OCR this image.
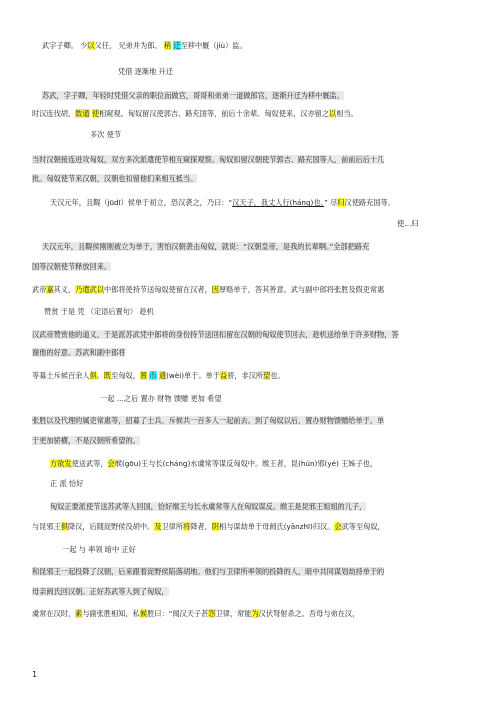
武字子卿。 少以父任， 兄弟并为郎。 稍 迁至移中厩（jiù）监。
凭借 逐渐地 升迁
苏武，字子卿，年轻时凭借父亲的职位而做官，哥哥和弟弟一道做郎官，逐渐升迁为移中厩监。
时汉连伐胡，数通 使相窥观。匈奴留汉使郭吉、路充国等，前后十余辈。匈奴使来，汉亦留之以相当。
多次 使节
当时汉朝接连进攻匈奴，双方多次派遣使节相互窥探观察。匈奴扣留汉朝使节郭吉、路充国等人，前前后后十几
批。匈奴使节来汉朝，汉朝也扣留他们来相互抵当。
天汉元年，且鞮（jūdī）侯单于初立，恐汉袭之，乃曰：“汉天子，我丈人行(háng)也。” 尽归汉使路充国等。
使…归
天汉元年，且鞮侯刚刚被立为单于，害怕汉朝袭击匈奴，就说：“汉朝皇帝，是我的长辈啊。”全部把路充
国等汉朝使节释放回来。
武帝嘉其义，乃遣武以中郎将使持节送匈奴使留在汉者，因厚赂单于，答其善意。武与副中郎将张胜及假吏常惠
赞赏 于是 凭 （定语后置句） 趁机
汉武帝赞赏他的道义，于是派苏武凭中郎将的身份持节送回扣留在汉朝的匈奴使节回去，趁机送给单于许多财物，答
谢他的好意。苏武和副中郎将
等募士斥候百余人俱。既至匈奴，置 币 遗(wèi)单于。单于益骄，非汉所望也。
一起 …之后 置办 财物 馈赠 更加 希望
张胜以及代理的属吏常惠等，招募了士兵、斥候共一百多人一起前去。到了匈奴以后，置办财物馈赠给单于。单
于更加骄横，不是汉朝所希望的。
方欲发使送武等，会缑(gōu)王与长(cháng)水虞常等谋反匈奴中。缑王者，昆(hún)邪(yé) 王姊子也，
正 派 恰好
匈奴正要派使节送苏武等人回国，恰好缑王与长水虞常等人在匈奴谋反。缑王是昆邪王姐姐的儿子，
与昆邪王俱降汉，后随浞野侯没胡中。及卫律所将降者，阴相与谋劫单于母阏氏(yānzhī)归汉。会武等至匈奴，
一起 与 率领 暗中 正好
和昆邪王一起投降了汉朝，后来跟着浞野侯陷落胡地。他们与卫律所率领的投降的人，暗中共同谋划劫持单于的
母亲阏氏回汉朝。正好苏武等人到了匈奴，
虞常在汉时，素与副张胜相知，私候胜曰：“闻汉天子甚怨卫律，常能为汉伏弩射杀之。吾母与弟在汉，
1
